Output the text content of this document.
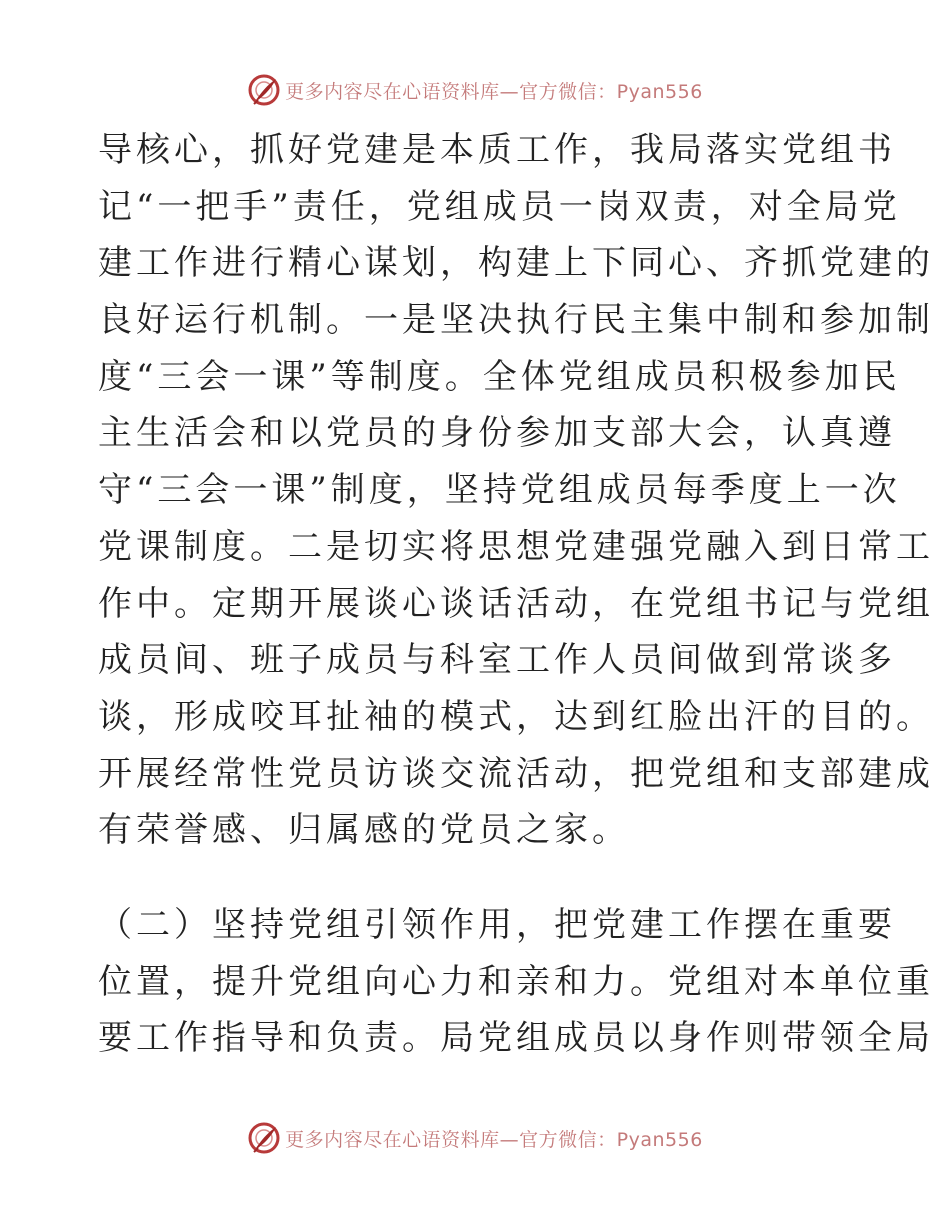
更多内容尽在心语资料库—官方微信：Pyan556
导核心，抓好党建是本质工作，我局落实党组书
记“一把手”责任，党组成员一岗双责，对全局党
建工作进行精心谋划，构建上下同心、齐抓党建的
良好运行机制。一是坚决执行民主集中制和参加制
度“三会一课”等制度。全体党组成员积极参加民
主生活会和以党员的身份参加支部大会，认真遵
守“三会一课”制度，坚持党组成员每季度上一次
党课制度。二是切实将思想党建强党融入到日常工
作中。定期开展谈心谈话活动，在党组书记与党组
成员间、班子成员与科室工作人员间做到常谈多
谈，形成咬耳扯袖的模式，达到红脸出汗的目的。
开展经常性党员访谈交流活动，把党组和支部建成
有荣誉感、归属感的党员之家。
（二）坚持党组引领作用，把党建工作摆在重要
位置，提升党组向心力和亲和力。党组对本单位重
要工作指导和负责。局党组成员以身作则带领全局
更多内容尽在心语资料库—官方微信：Pyan556
